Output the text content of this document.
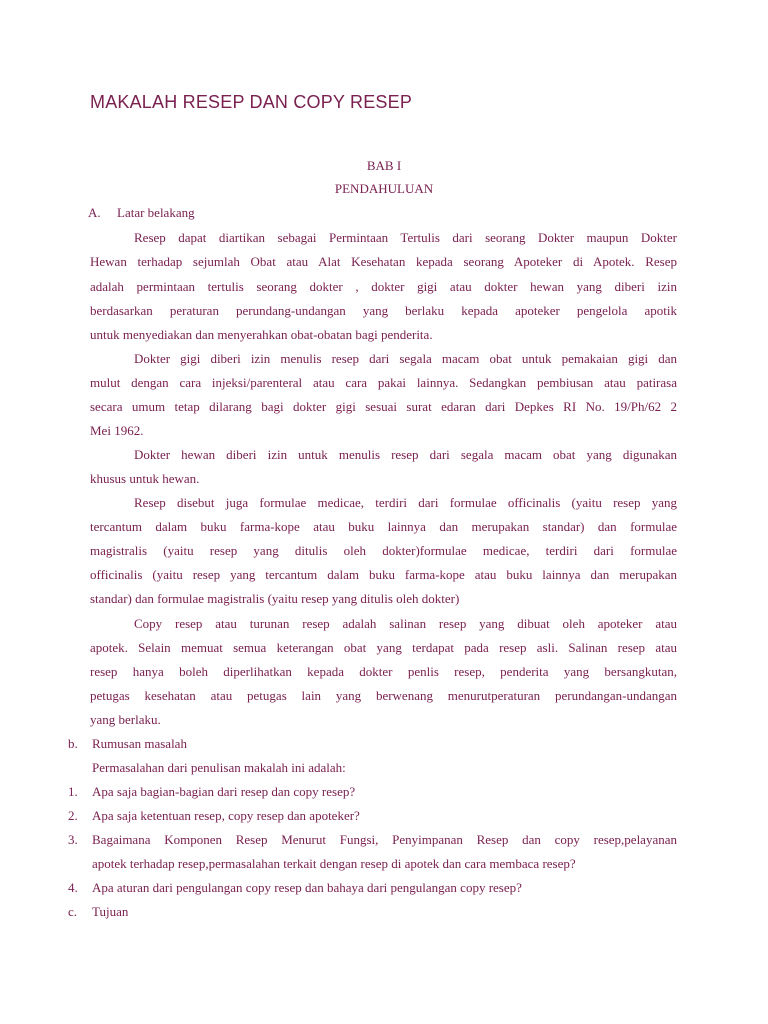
MAKALAH RESEP DAN COPY RESEP
BAB I
PENDAHULUAN
A. Latar belakang
Resep dapat diartikan sebagai Permintaan Tertulis dari seorang Dokter maupun Dokter
Hewan terhadap sejumlah Obat atau Alat Kesehatan kepada seorang Apoteker di Apotek. Resep
adalah permintaan tertulis seorang dokter , dokter gigi atau dokter hewan yang diberi izin
berdasarkan peraturan perundang-undangan yang berlaku kepada apoteker pengelola apotik
untuk menyediakan dan menyerahkan obat-obatan bagi penderita.
Dokter gigi diberi izin menulis resep dari segala macam obat untuk pemakaian gigi dan
mulut dengan cara injeksi/parenteral atau cara pakai lainnya. Sedangkan pembiusan atau patirasa
secara umum tetap dilarang bagi dokter gigi sesuai surat edaran dari Depkes RI No. 19/Ph/62 2
Mei 1962.
Dokter hewan diberi izin untuk menulis resep dari segala macam obat yang digunakan
khusus untuk hewan.
Resep disebut juga formulae medicae, terdiri dari formulae officinalis (yaitu resep yang
tercantum dalam buku farma-kope atau buku lainnya dan merupakan standar) dan formulae
magistralis (yaitu resep yang ditulis oleh dokter)formulae medicae, terdiri dari formulae
officinalis (yaitu resep yang tercantum dalam buku farma-kope atau buku lainnya dan merupakan
standar) dan formulae magistralis (yaitu resep yang ditulis oleh dokter)
Copy resep atau turunan resep adalah salinan resep yang dibuat oleh apoteker atau
apotek. Selain memuat semua keterangan obat yang terdapat pada resep asli. Salinan resep atau
resep hanya boleh diperlihatkan kepada dokter penlis resep, penderita yang bersangkutan,
petugas kesehatan atau petugas lain yang berwenang menurutperaturan perundangan-undangan
yang berlaku.
b. Rumusan masalah
Permasalahan dari penulisan makalah ini adalah:
1. Apa saja bagian-bagian dari resep dan copy resep?
2. Apa saja ketentuan resep, copy resep dan apoteker?
3. Bagaimana Komponen Resep Menurut Fungsi, Penyimpanan Resep dan copy resep,pelayanan
apotek terhadap resep,permasalahan terkait dengan resep di apotek dan cara membaca resep?
4. Apa aturan dari pengulangan copy resep dan bahaya dari pengulangan copy resep?
c. Tujuan
